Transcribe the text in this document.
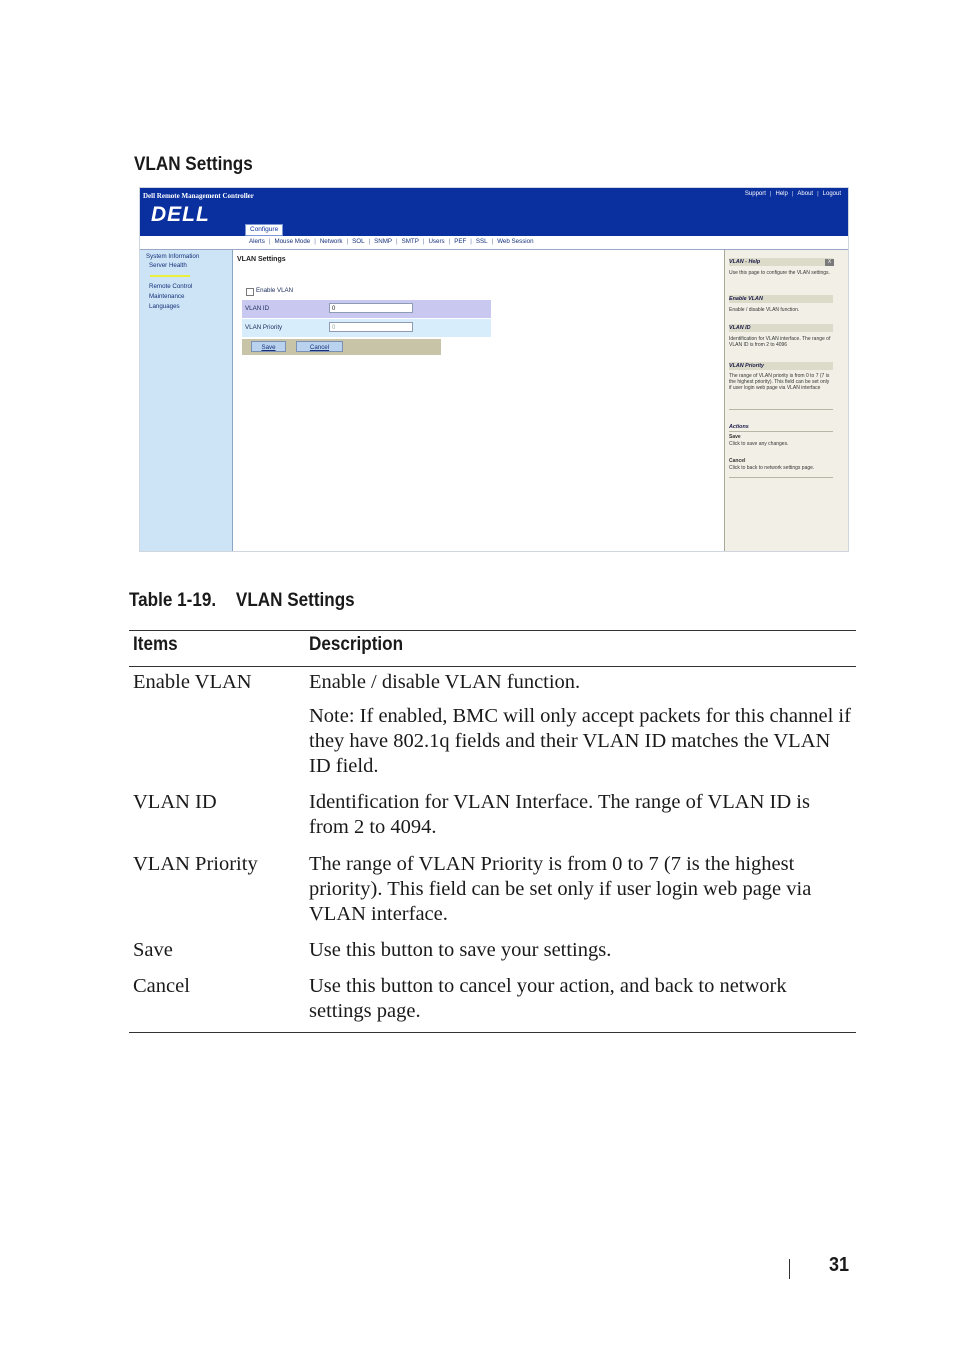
VLAN Settings
Dell Remote Management Controller	Support | Help | About | Logout
DELL
Configure
Alerts | Mouse Mode | Network | SOL | SNMP | SMTP | Users | PEF | SSL | Web Session
System Information
Server Health
Remote Control
Maintenance
Languages
VLAN Settings
Enable VLAN
VLAN ID	0
VLAN Priority	0
Save	Cancel
VLAN - Help	X
Use this page to configure the VLAN settings.
Enable VLAN
Enable / disable VLAN function.
VLAN ID
Identification for VLAN interface. The range of VLAN ID is from 2 to 4096
VLAN Priority
The range of VLAN priority is from 0 to 7 (7 is the highest priority). This field can be set only if user login web page via VLAN interface
Actions
Save
Click to save any changes.
Cancel
Click to back to network settings page.
Table 1-19. VLAN Settings
Items	Description
Enable VLAN	Enable / disable VLAN function.
Note: If enabled, BMC will only accept packets for this channel if they have 802.1q fields and their VLAN ID matches the VLAN ID field.
VLAN ID	Identification for VLAN Interface. The range of VLAN ID is from 2 to 4094.
VLAN Priority	The range of VLAN Priority is from 0 to 7 (7 is the highest priority). This field can be set only if user login web page via VLAN interface.
Save	Use this button to save your settings.
Cancel	Use this button to cancel your action, and back to network settings page.
31
